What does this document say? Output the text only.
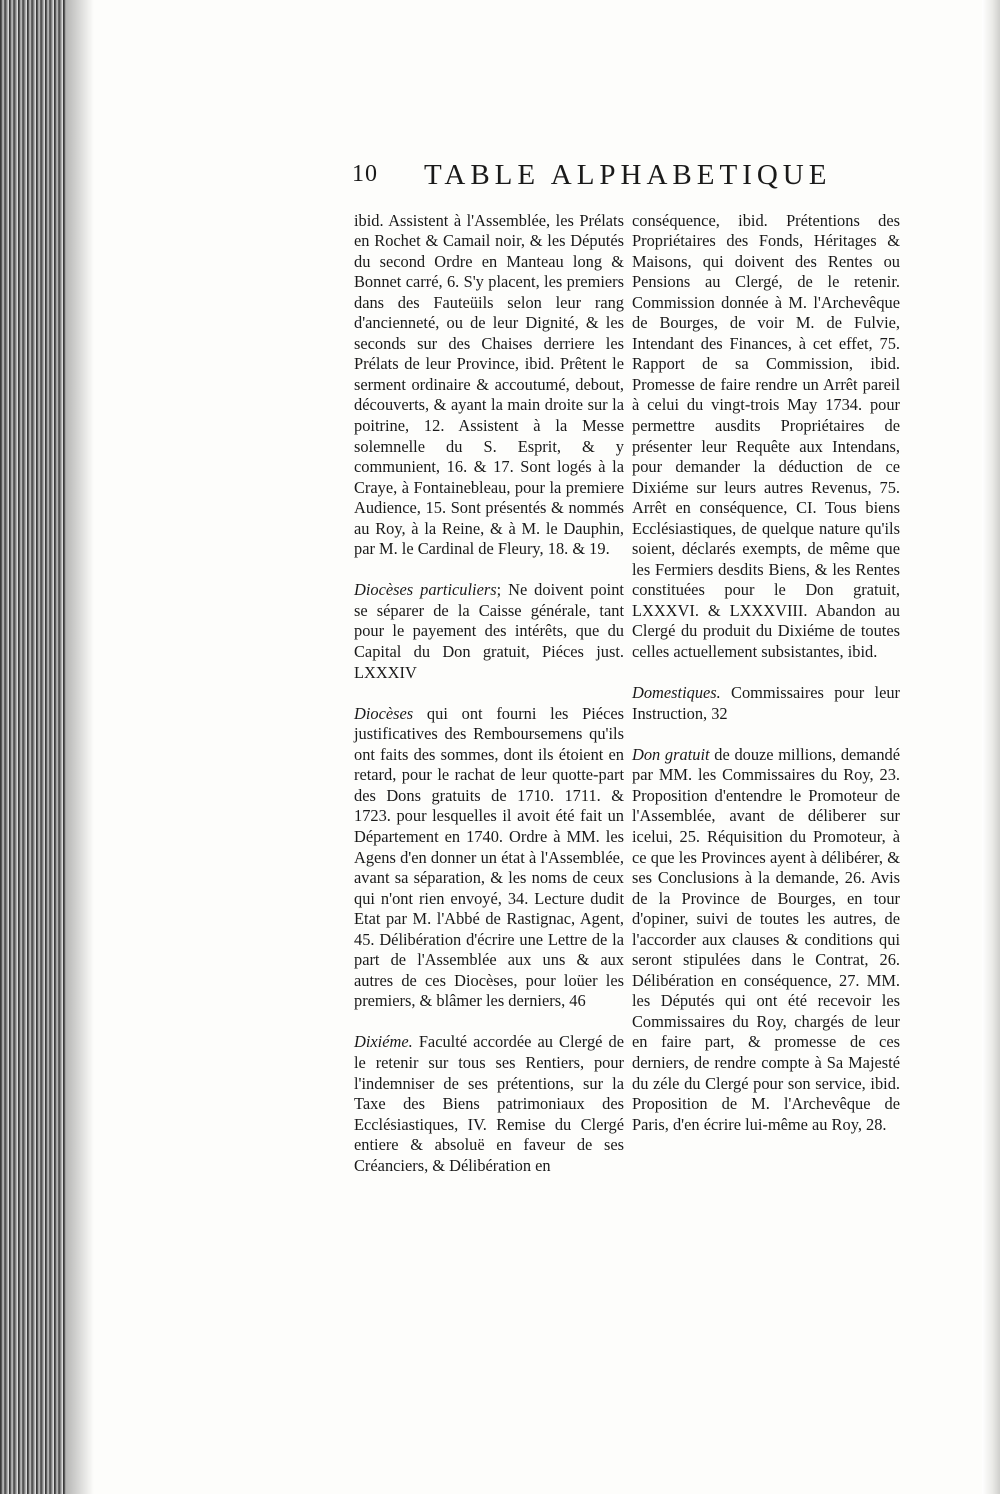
10 TABLE ALPHABETIQUE

ibid. Assistent à l'Assemblée, les Prélats en Rochet & Camail noir, & les Députés du second Ordre en Manteau long & Bonnet carré, 6. S'y placent, les premiers dans des Fauteüils selon leur rang d'ancienneté, ou de leur Dignité, & les seconds sur des Chaises derriere les Prélats de leur Province, ibid. Prêtent le serment ordinaire & accoutumé, debout, découverts, & ayant la main droite sur la poitrine, 12. Assistent à la Messe solemnelle du S. Esprit, & y communient, 16. & 17. Sont logés à la Craye, à Fontainebleau, pour la premiere Audience, 15. Sont présentés & nommés au Roy, à la Reine, & à M. le Dauphin, par M. le Cardinal de Fleury, 18. & 19.

Diocèses particuliers; Ne doivent point se séparer de la Caisse générale, tant pour le payement des intérêts, que du Capital du Don gratuit, Piéces just. LXXXIV

Diocèses qui ont fourni les Piéces justificatives des Remboursemens qu'ils ont faits des sommes, dont ils étoient en retard, pour le rachat de leur quotte-part des Dons gratuits de 1710. 1711. & 1723. pour lesquelles il avoit été fait un Département en 1740. Ordre à MM. les Agens d'en donner un état à l'Assemblée, avant sa séparation, & les noms de ceux qui n'ont rien envoyé, 34. Lecture dudit Etat par M. l'Abbé de Rastignac, Agent, 45. Délibération d'écrire une Lettre de la part de l'Assemblée aux uns & aux autres de ces Diocèses, pour loüer les premiers, & blâmer les derniers, 46

Dixiéme. Faculté accordée au Clergé de le retenir sur tous ses Rentiers, pour l'indemniser de ses prétentions, sur la Taxe des Biens patrimoniaux des Ecclésiastiques, IV. Remise du Clergé entiere & absoluë en faveur de ses Créanciers, & Délibération en

conséquence, ibid. Prétentions des Propriétaires des Fonds, Héritages & Maisons, qui doivent des Rentes ou Pensions au Clergé, de le retenir. Commission donnée à M. l'Archevêque de Bourges, de voir M. de Fulvie, Intendant des Finances, à cet effet, 75. Rapport de sa Commission, ibid. Promesse de faire rendre un Arrêt pareil à celui du vingt-trois May 1734. pour permettre ausdits Propriétaires de présenter leur Requête aux Intendans, pour demander la déduction de ce Dixiéme sur leurs autres Revenus, 75. Arrêt en conséquence, CI. Tous biens Ecclésiastiques, de quelque nature qu'ils soient, déclarés exempts, de même que les Fermiers desdits Biens, & les Rentes constituées pour le Don gratuit, LXXXVI. & LXXXVIII. Abandon au Clergé du produit du Dixiéme de toutes celles actuellement subsistantes, ibid.

Domestiques. Commissaires pour leur Instruction, 32

Don gratuit de douze millions, demandé par MM. les Commissaires du Roy, 23. Proposition d'entendre le Promoteur de l'Assemblée, avant de déliberer sur icelui, 25. Réquisition du Promoteur, à ce que les Provinces ayent à délibérer, & ses Conclusions à la demande, 26. Avis de la Province de Bourges, en tour d'opiner, suivi de toutes les autres, de l'accorder aux clauses & conditions qui seront stipulées dans le Contrat, 26. Délibération en conséquence, 27. MM. les Députés qui ont été recevoir les Commissaires du Roy, chargés de leur en faire part, & promesse de ces derniers, de rendre compte à Sa Majesté du zéle du Clergé pour son service, ibid. Proposition de M. l'Archevêque de Paris, d'en écrire lui-même au Roy, 28.
